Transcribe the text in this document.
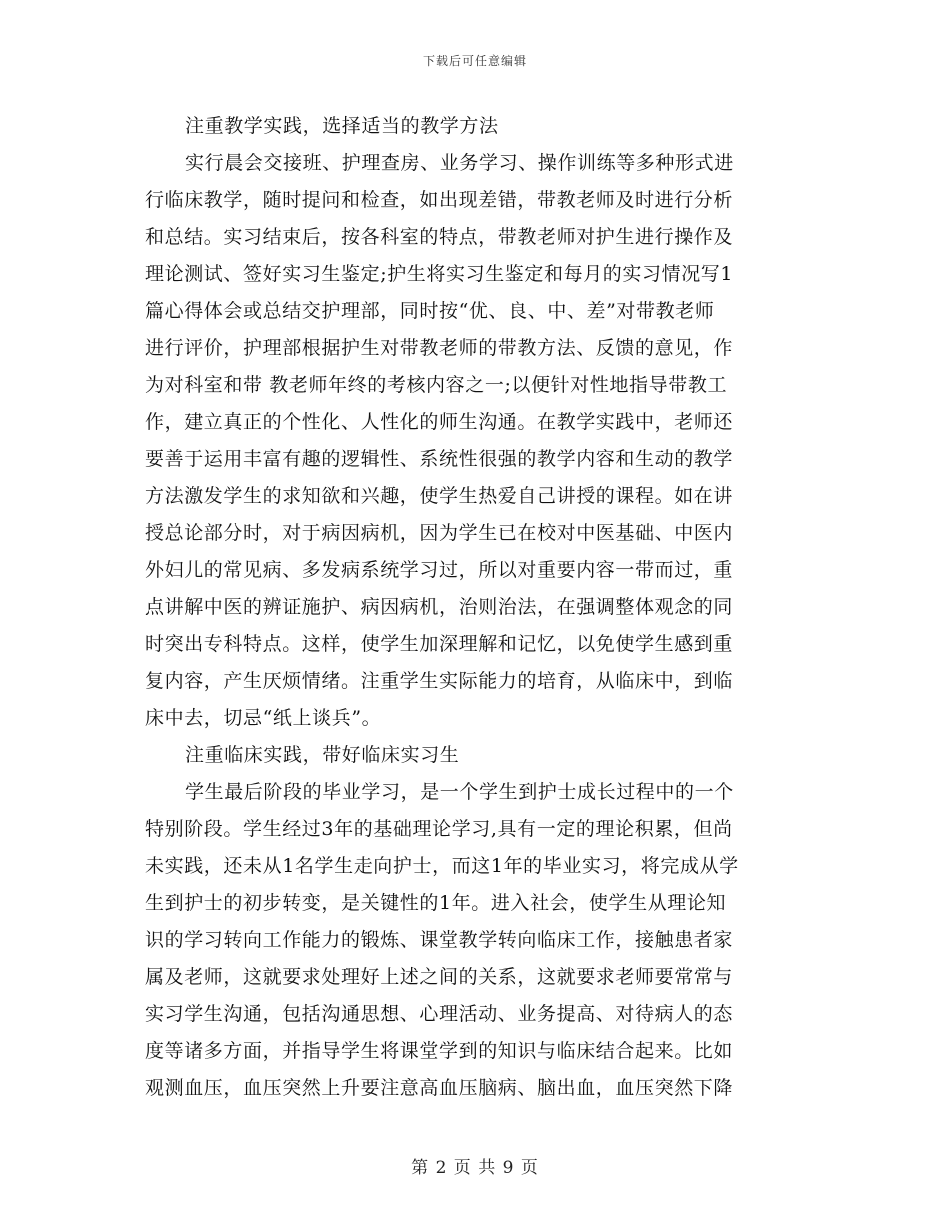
下载后可任意编辑
注重教学实践，选择适当的教学方法
实行晨会交接班、护理查房、业务学习、操作训练等多种形式进
行临床教学，随时提问和检查，如出现差错，带教老师及时进行分析
和总结。实习结束后，按各科室的特点，带教老师对护生进行操作及
理论测试、签好实习生鉴定;护生将实习生鉴定和每月的实习情况写1
篇心得体会或总结交护理部，同时按“优、良、中、差”对带教老师
进行评价，护理部根据护生对带教老师的带教方法、反馈的意见，作
为对科室和带 教老师年终的考核内容之一;以便针对性地指导带教工
作，建立真正的个性化、人性化的师生沟通。在教学实践中，老师还
要善于运用丰富有趣的逻辑性、系统性很强的教学内容和生动的教学
方法激发学生的求知欲和兴趣，使学生热爱自己讲授的课程。如在讲
授总论部分时，对于病因病机，因为学生已在校对中医基础、中医内
外妇儿的常见病、多发病系统学习过，所以对重要内容一带而过，重
点讲解中医的辨证施护、病因病机，治则治法，在强调整体观念的同
时突出专科特点。这样，使学生加深理解和记忆，以免使学生感到重
复内容，产生厌烦情绪。注重学生实际能力的培育，从临床中，到临
床中去，切忌“纸上谈兵”。
注重临床实践，带好临床实习生
学生最后阶段的毕业学习，是一个学生到护士成长过程中的一个
特别阶段。学生经过3年的基础理论学习,具有一定的理论积累，但尚
未实践，还未从1名学生走向护士，而这1年的毕业实习，将完成从学
生到护士的初步转变，是关键性的1年。进入社会，使学生从理论知
识的学习转向工作能力的锻炼、课堂教学转向临床工作，接触患者家
属及老师，这就要求处理好上述之间的关系，这就要求老师要常常与
实习学生沟通，包括沟通思想、心理活动、业务提高、对待病人的态
度等诸多方面，并指导学生将课堂学到的知识与临床结合起来。比如
观测血压，血压突然上升要注意高血压脑病、脑出血，血压突然下降
第 2 页 共 9 页
